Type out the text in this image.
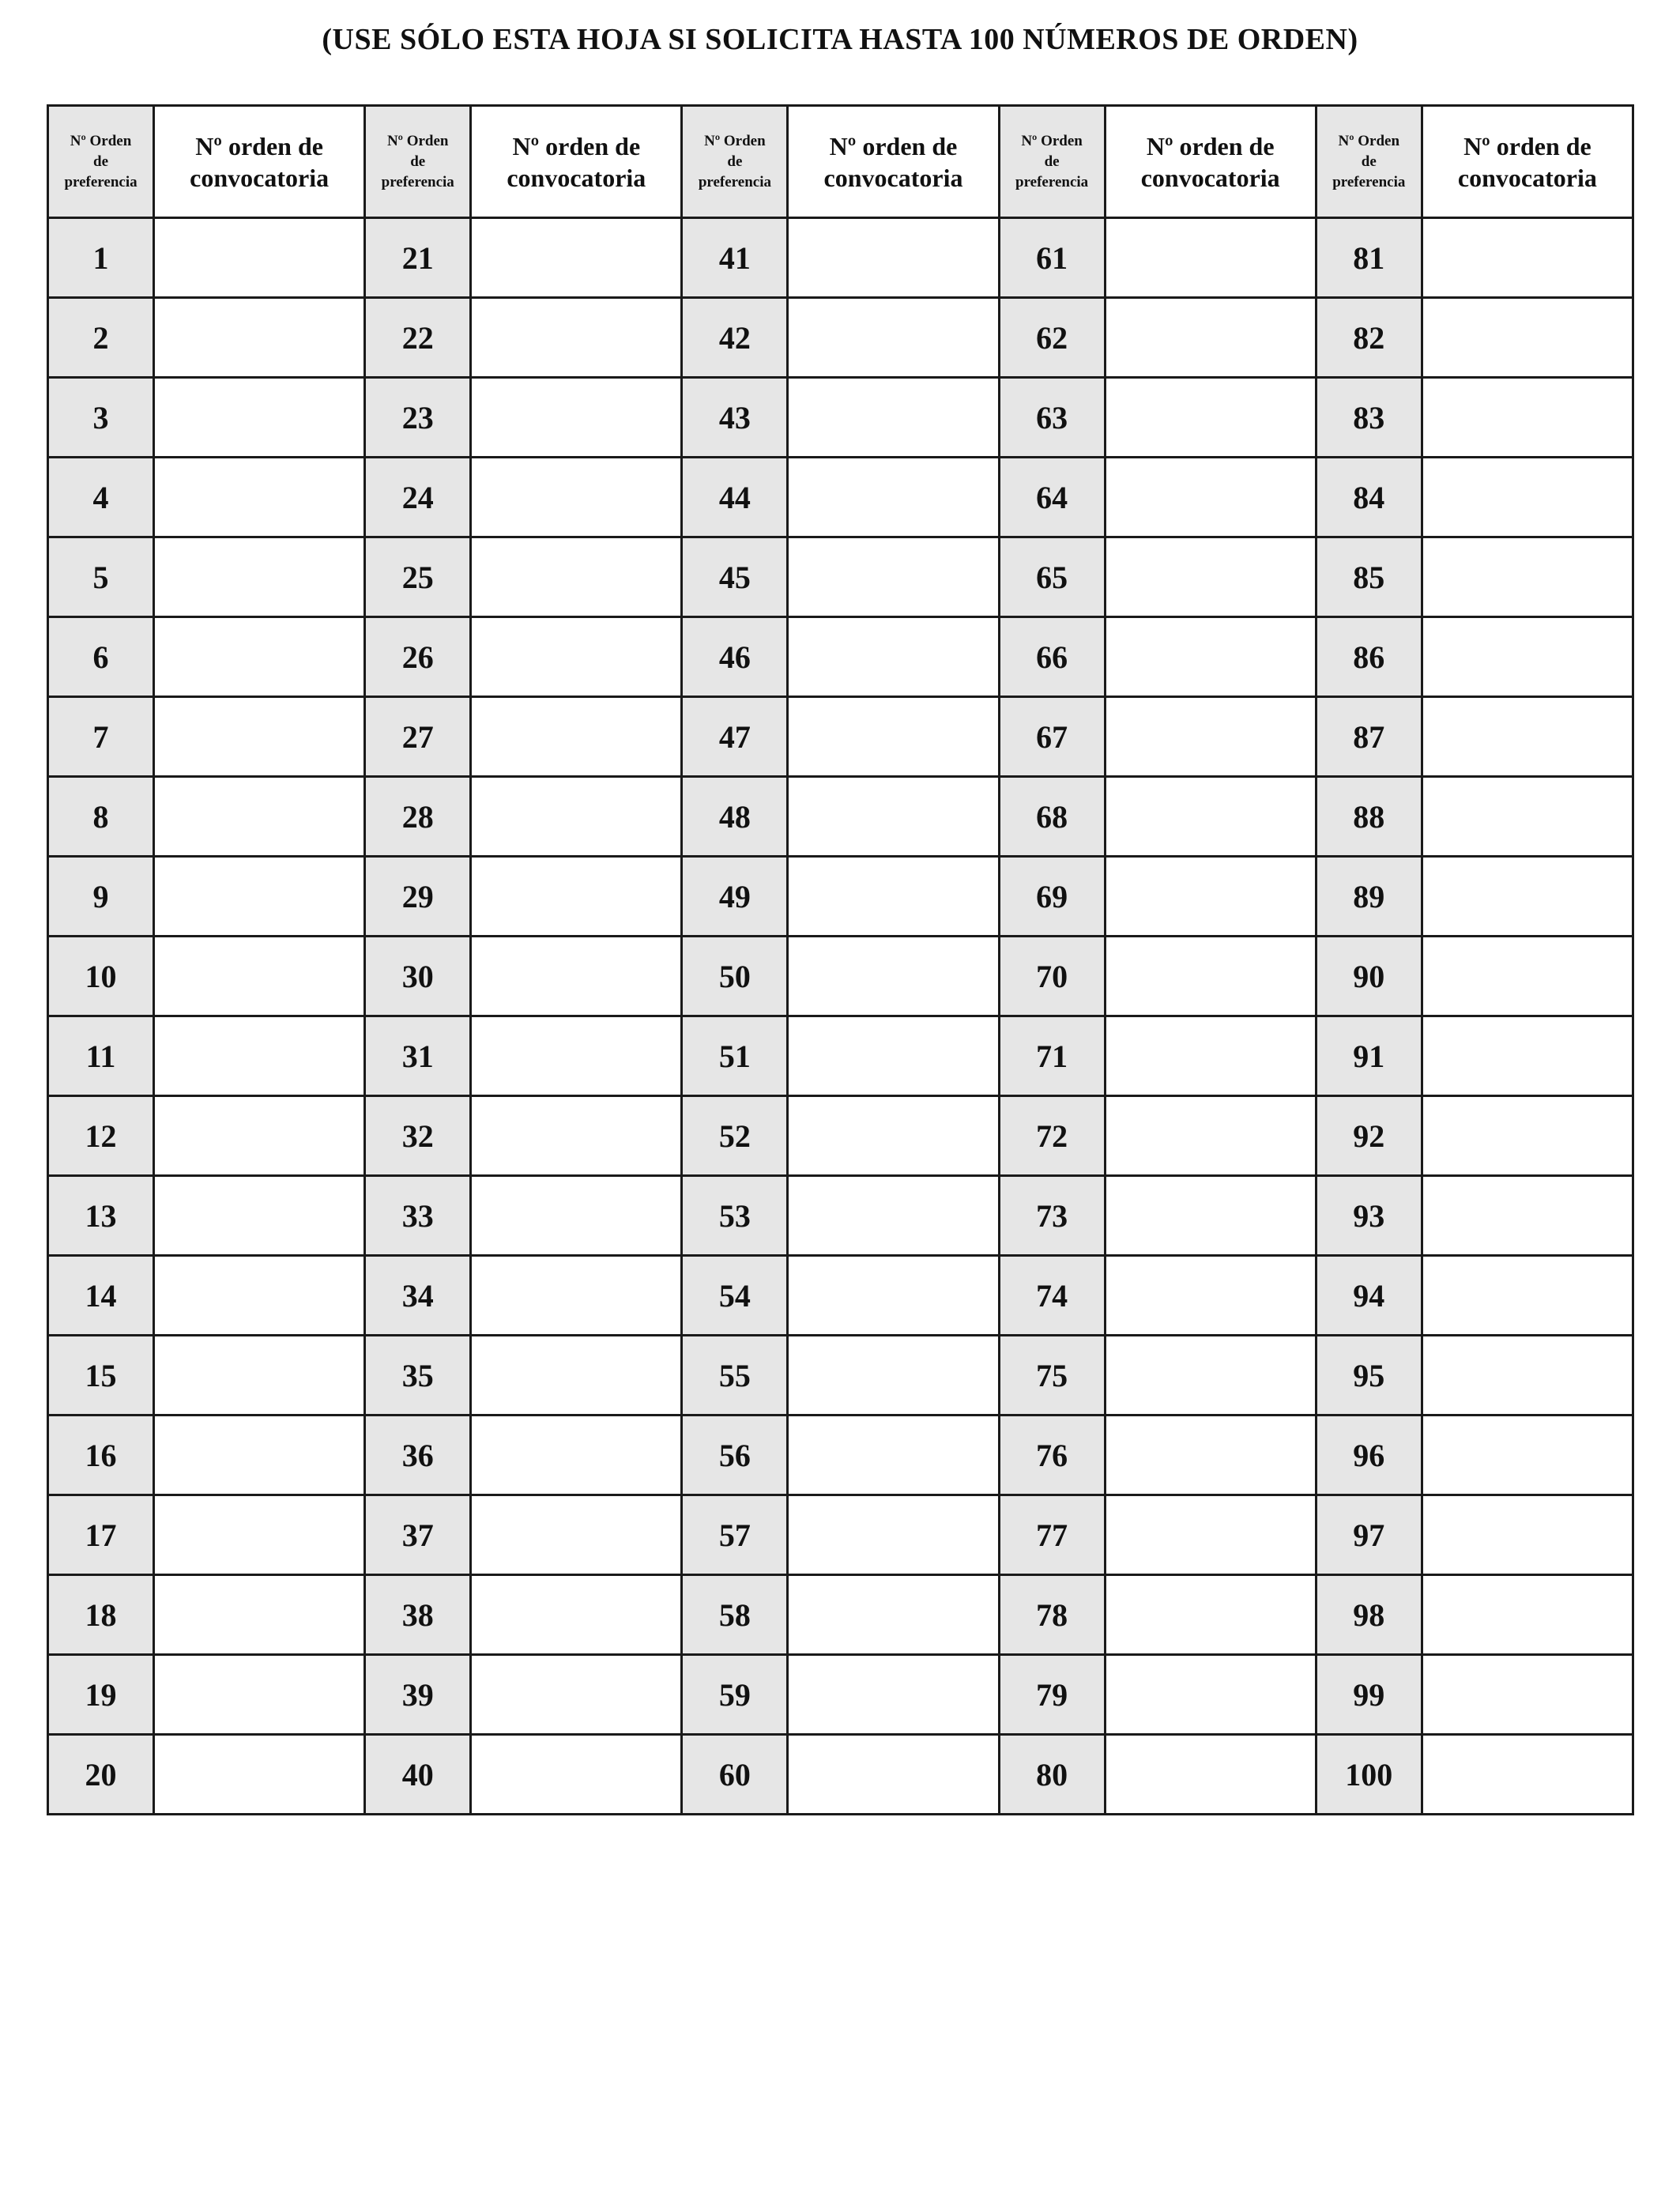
(USE SÓLO ESTA HOJA SI SOLICITA HASTA 100 NÚMEROS DE ORDEN)
Nº Orden
de
preferencia	Nº orden de
convocatoria	Nº Orden
de
preferencia	Nº orden de
convocatoria	Nº Orden
de
preferencia	Nº orden de
convocatoria	Nº Orden
de
preferencia	Nº orden de
convocatoria	Nº Orden
de
preferencia	Nº orden de
convocatoria
1		21		41		61		81	
2		22		42		62		82	
3		23		43		63		83	
4		24		44		64		84	
5		25		45		65		85	
6		26		46		66		86	
7		27		47		67		87	
8		28		48		68		88	
9		29		49		69		89	
10		30		50		70		90	
11		31		51		71		91	
12		32		52		72		92	
13		33		53		73		93	
14		34		54		74		94	
15		35		55		75		95	
16		36		56		76		96	
17		37		57		77		97	
18		38		58		78		98	
19		39		59		79		99	
20		40		60		80		100	
